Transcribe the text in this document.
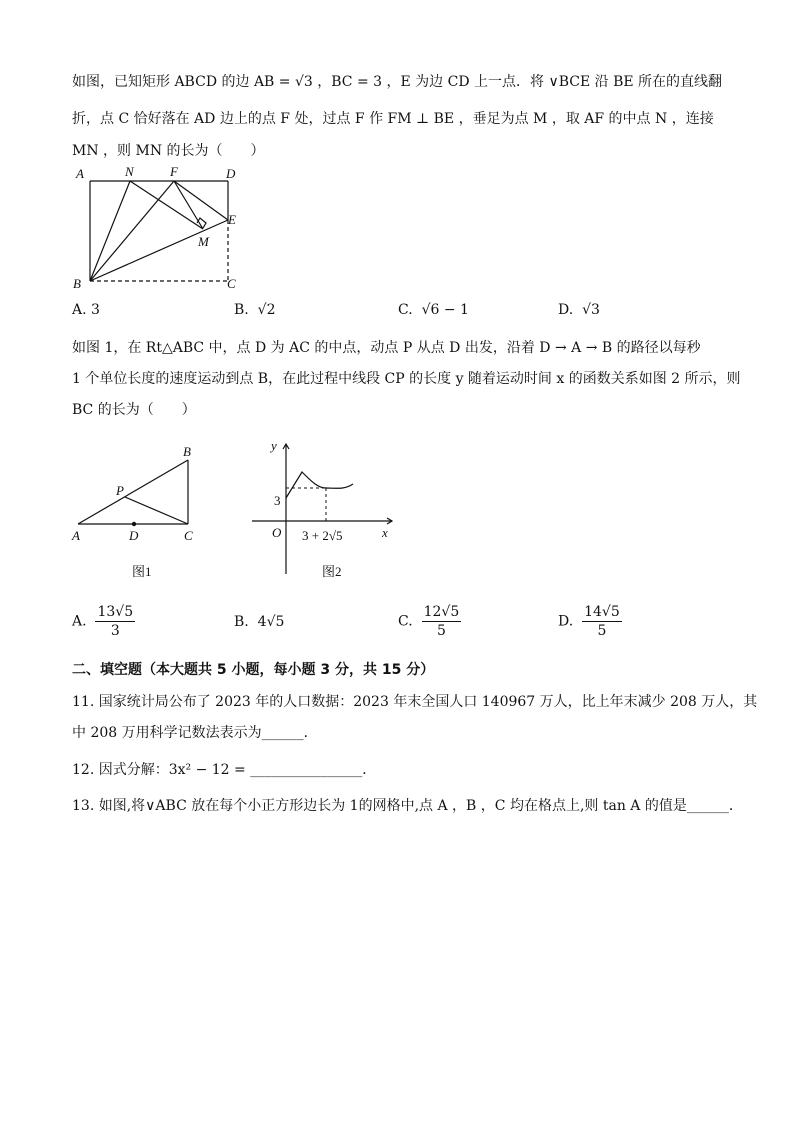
如图，已知矩形 ABCD 的边 AB = √3 ，BC = 3 ，E 为边 CD 上一点．将 ∨BCE 沿 BE 所在的直线翻
折，点 C 恰好落在 AD 边上的点 F 处，过点 F 作 FM ⊥ BE ，垂足为点 M ，取 AF 的中点 N ，连接
MN ，则 MN 的长为（　　）
A	N	F	D
E
M
B	C
A. 3	B. √2	C. √6 − 1	D. √3
如图 1，在 Rt△ABC 中，点 D 为 AC 的中点，动点 P 从点 D 出发，沿着 D → A → B 的路径以每秒
1 个单位长度的速度运动到点 B，在此过程中线段 CP 的长度 y 随着运动时间 x 的函数关系如图 2 所示，则
BC 的长为（　　）
A
B
C
D
P
图1
y
x
O
3
3 + 2√5
图2
A. $\frac{13√5}{3}$	B. 4√5	C. $\frac{12√5}{5}$	D. $\frac{14√5}{5}$
二、填空题（本大题共 5 小题，每小题 3 分，共 15 分）
11. 国家统计局公布了 2023 年的人口数据：2023 年末全国人口 140967 万人，比上年末减少 208 万人，其
中 208 万用科学记数法表示为______．
12. 因式分解：3x² − 12 = ________________．
13. 如图,将∨ABC 放在每个小正方形边长为 1的网格中,点 A ，B ，C 均在格点上,则 tan A 的值是______．
